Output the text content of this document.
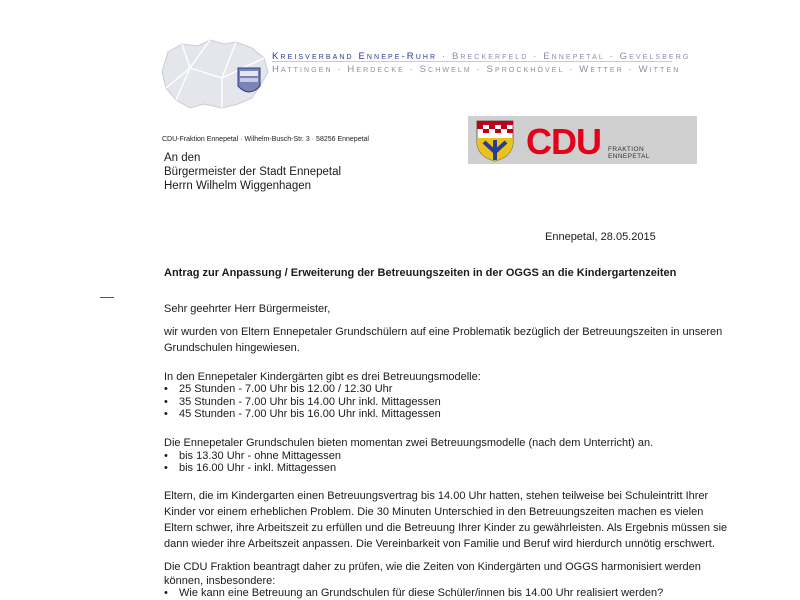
Kreisverband Ennepe-Ruhr · Breckerfeld · Ennepetal · Gevelsberg
Hattingen · Herdecke · Schwelm · Sprockhövel · Wetter · Witten
CDU-Fraktion Ennepetal · Wilhelm-Busch-Str. 3 · 58256 Ennepetal	CDU FRAKTION
ENNEPETAL
An den
Bürgermeister der Stadt Ennepetal
Herrn Wilhelm Wiggenhagen
Ennepetal, 28.05.2015
Antrag zur Anpassung / Erweiterung der Betreuungszeiten in der OGGS an die Kindergartenzeiten
Sehr geehrter Herr Bürgermeister,
wir wurden von Eltern Ennepetaler Grundschülern auf eine Problematik bezüglich der Betreuungszeiten in unseren
Grundschulen hingewiesen.
In den Ennepetaler Kindergärten gibt es drei Betreuungsmodelle:
• 25 Stunden - 7.00 Uhr bis 12.00 / 12.30 Uhr
• 35 Stunden - 7.00 Uhr bis 14.00 Uhr inkl. Mittagessen
• 45 Stunden - 7.00 Uhr bis 16.00 Uhr inkl. Mittagessen
Die Ennepetaler Grundschulen bieten momentan zwei Betreuungsmodelle (nach dem Unterricht) an.
• bis 13.30 Uhr - ohne Mittagessen
• bis 16.00 Uhr - inkl. Mittagessen
Eltern, die im Kindergarten einen Betreuungsvertrag bis 14.00 Uhr hatten, stehen teilweise bei Schuleintritt Ihrer
Kinder vor einem erheblichen Problem. Die 30 Minuten Unterschied in den Betreuungszeiten machen es vielen
Eltern schwer, ihre Arbeitszeit zu erfüllen und die Betreuung Ihrer Kinder zu gewährleisten. Als Ergebnis müssen sie
dann wieder ihre Arbeitszeit anpassen. Die Vereinbarkeit von Familie und Beruf wird hierdurch unnötig erschwert.
Die CDU Fraktion beantragt daher zu prüfen, wie die Zeiten von Kindergärten und OGGS harmonisiert werden
können, insbesondere:
• Wie kann eine Betreuung an Grundschulen für diese Schüler/innen bis 14.00 Uhr realisiert werden?
